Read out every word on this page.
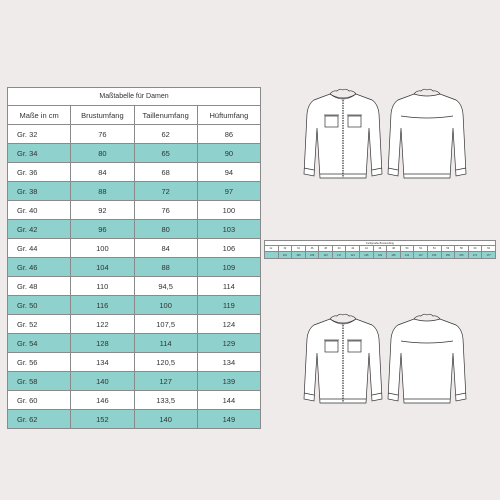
Maßtabelle für Damen			
Maße in cm	Brustumfang	Taillenumfang	Hüftumfang
Gr. 32	76	62	86
Gr. 34	80	65	90
Gr. 36	84	68	94
Gr. 38	88	72	97
Gr. 40	92	76	100
Gr. 42	96	80	103
Gr. 44	100	84	106
Gr. 46	104	88	109
Gr. 48	110	94,5	114
Gr. 50	116	100	119
Gr. 52	122	107,5	124
Gr. 54	128	114	129
Gr. 56	134	120,5	134
Gr. 58	140	127	139
Gr. 60	146	133,5	144
Gr. 62	152	140	149
Fertigmaße Brustumfang																
Gr.	32	34	36	38	40	42	44	46	48	50	52	54	56	58	60	62
	101	105	109	113	117	121	125	129	135	141	147	153	159	165	171	177
